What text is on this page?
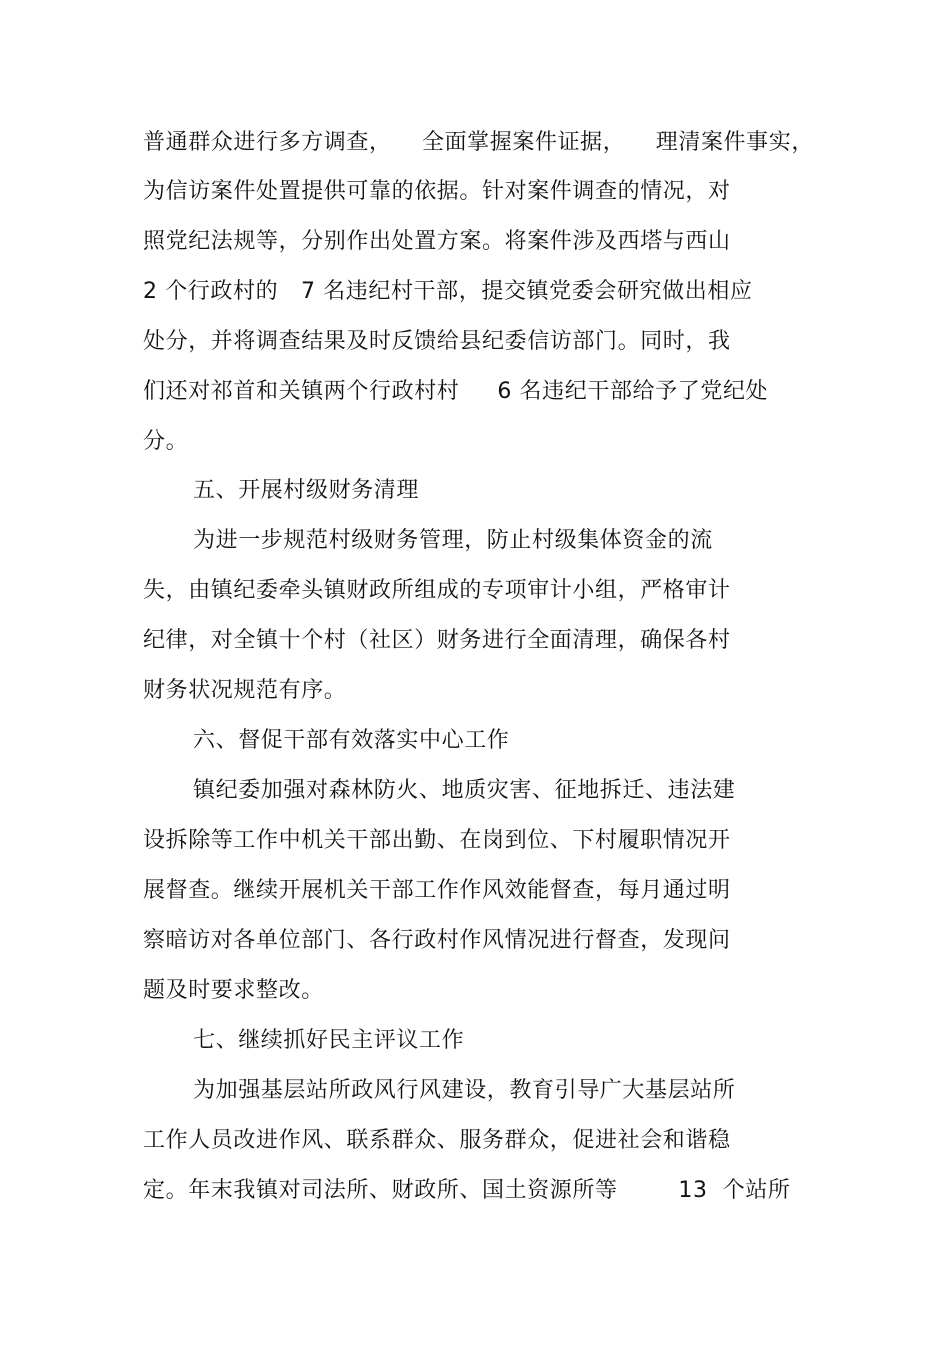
普通群众进行多方调查，    全面掌握案件证据，    理清案件事实，
为信访案件处置提供可靠的依据。针对案件调查的情况，对
照党纪法规等，分别作出处置方案。将案件涉及西塔与西山
2 个行政村的   7 名违纪村干部，提交镇党委会研究做出相应
处分，并将调查结果及时反馈给县纪委信访部门。同时，我
们还对祁首和关镇两个行政村村     6 名违纪干部给予了党纪处
分。
五、开展村级财务清理
为进一步规范村级财务管理，防止村级集体资金的流
失，由镇纪委牵头镇财政所组成的专项审计小组，严格审计
纪律，对全镇十个村（社区）财务进行全面清理，确保各村
财务状况规范有序。
六、督促干部有效落实中心工作
镇纪委加强对森林防火、地质灾害、征地拆迁、违法建
设拆除等工作中机关干部出勤、在岗到位、下村履职情况开
展督查。继续开展机关干部工作作风效能督查，每月通过明
察暗访对各单位部门、各行政村作风情况进行督查，发现问
题及时要求整改。
七、继续抓好民主评议工作
为加强基层站所政风行风建设，教育引导广大基层站所
工作人员改进作风、联系群众、服务群众，促进社会和谐稳
定。年末我镇对司法所、财政所、国土资源所等        13  个站所
